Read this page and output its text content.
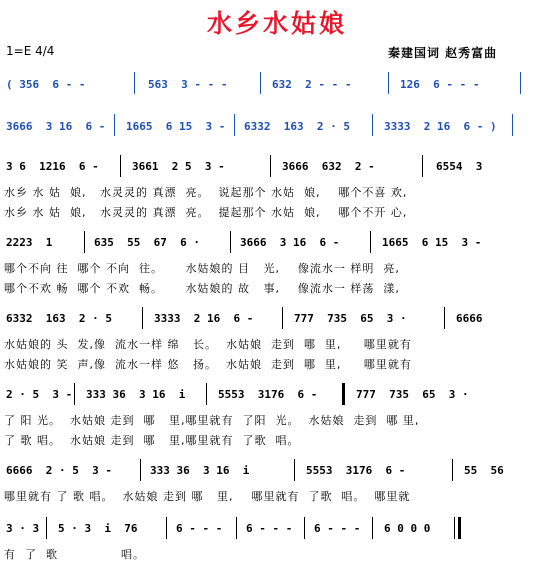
水乡水姑娘
1=E 4/4	秦建国词 赵秀富曲
( 356  6 - -	563  3 - - -	632  2 - - -	126  6 - - -
3666  3 16  6 - 1665  6 15  3 - 6332  163  2 · 5	3333  2 16  6 - )
3 6  1216  6 -	3661  2 5  3 -	3666  632  2 -	6554  3
水乡 水 姑  娘,   水灵灵的 真漂  亮。  说起那个 水姑  娘,    哪个不喜 欢,
水乡 水 姑  娘,   水灵灵的 真漂  亮。  提起那个 水姑  娘,    哪个不开 心,
2223  1	635  55  67  6 ·	3666  3 16  6 -	1665  6 15  3 -
哪个不向 往  哪个 不向  往。     水姑娘的 目   光,    像流水一 样明  亮,
哪个不欢 畅  哪个 不欢  畅。     水姑娘的 故   事,    像流水一 样荡  漾,
6332  163  2 · 5	3333  2 16  6 -	777  735  65  3 ·	6666
水姑娘的 头  发,像  流水一样 绵   长。  水姑娘  走到  哪  里,     哪里就有
水姑娘的 笑  声,像  流水一样 悠   扬。  水姑娘  走到  哪  里,     哪里就有
2 · 5  3 - 333 36  3 16  i	5553  3176  6 -	777  735  65  3 ·
了 阳 光。  水姑娘 走到  哪   里,哪里就有  了阳  光。  水姑娘  走到  哪 里,
了 歌 唱。  水姑娘 走到  哪   里,哪里就有  了歌  唱。
6666  2 · 5  3 -	333 36  3 16  i	5553  3176  6 -	55  56
哪里就有 了 歌 唱。  水姑娘 走到 哪   里,    哪里就有  了歌  唱。  哪里就
3 · 3 5 · 3  i  76	6 - - - 6 - - - 6 - - - 6 0 0 0
有  了  歌              唱。
